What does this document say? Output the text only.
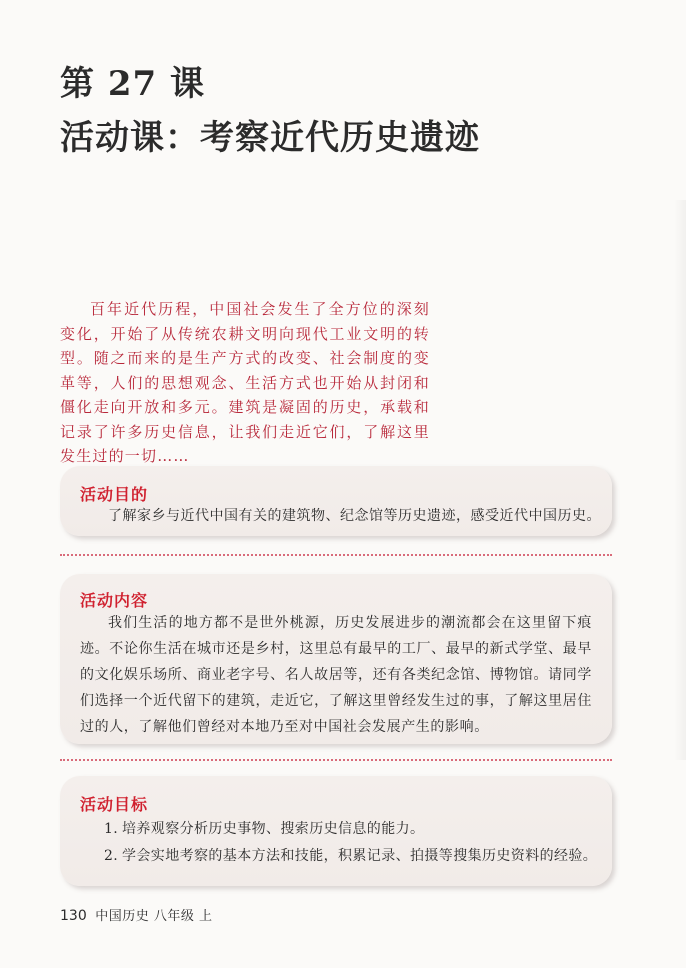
第 27 课
活动课：考察近代历史遗迹

百年近代历程，中国社会发生了全方位的深刻变化，开始了从传统农耕文明向现代工业文明的转型。随之而来的是生产方式的改变、社会制度的变革等，人们的思想观念、生活方式也开始从封闭和僵化走向开放和多元。建筑是凝固的历史，承载和记录了许多历史信息，让我们走近它们，了解这里发生过的一切……

活动目的
了解家乡与近代中国有关的建筑物、纪念馆等历史遗迹，感受近代中国历史。
活动内容
我们生活的地方都不是世外桃源，历史发展进步的潮流都会在这里留下痕迹。不论你生活在城市还是乡村，这里总有最早的工厂、最早的新式学堂、最早的文化娱乐场所、商业老字号、名人故居等，还有各类纪念馆、博物馆。请同学们选择一个近代留下的建筑，走近它，了解这里曾经发生过的事，了解这里居住过的人，了解他们曾经对本地乃至对中国社会发展产生的影响。
活动目标
1. 培养观察分析历史事物、搜索历史信息的能力。
2. 学会实地考察的基本方法和技能，积累记录、拍摄等搜集历史资料的经验。
130 中国历史 八年级 上
